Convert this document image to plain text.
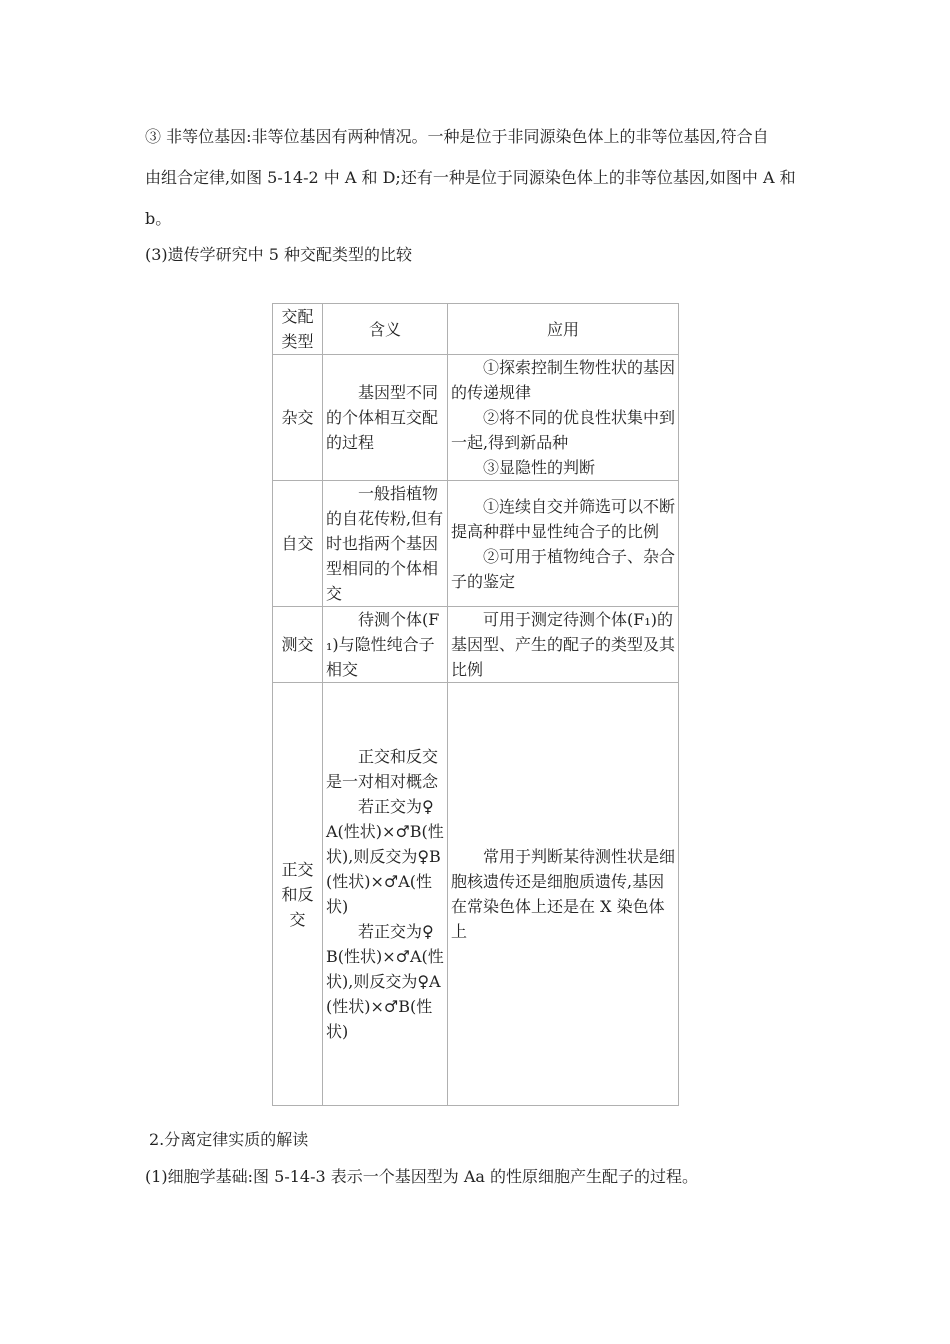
③ 非等位基因:非等位基因有两种情况。一种是位于非同源染色体上的非等位基因,符合自
由组合定律,如图 5-14-2 中 A 和 D;还有一种是位于同源染色体上的非等位基因,如图中 A 和
b。
(3)遗传学研究中 5 种交配类型的比较
交配类型	含义	应用
杂交	基因型不同的个体相互交配的过程	①探索控制生物性状的基因的传递规律
②将不同的优良性状集中到一起,得到新品种
③显隐性的判断

自交	一般指植物的自花传粉,但有时也指两个基因型相同的个体相交	①连续自交并筛选可以不断提高种群中显性纯合子的比例
②可用于植物纯合子、杂合子的鉴定

测交	待测个体(F₁)与隐性纯合子相交	可用于测定待测个体(F₁)的基因型、产生的配子的类型及其比例

正交和反交	正交和反交是一对相对概念
若正交为♀A(性状)×♂B(性状),则反交为♀B(性状)×♂A(性状)
若正交为♀B(性状)×♂A(性状),则反交为♀A(性状)×♂B(性状)	常用于判断某待测性状是细胞核遗传还是细胞质遗传,基因在常染色体上还是在 X 染色体上
2.分离定律实质的解读
(1)细胞学基础:图 5-14-3 表示一个基因型为 Aa 的性原细胞产生配子的过程。
